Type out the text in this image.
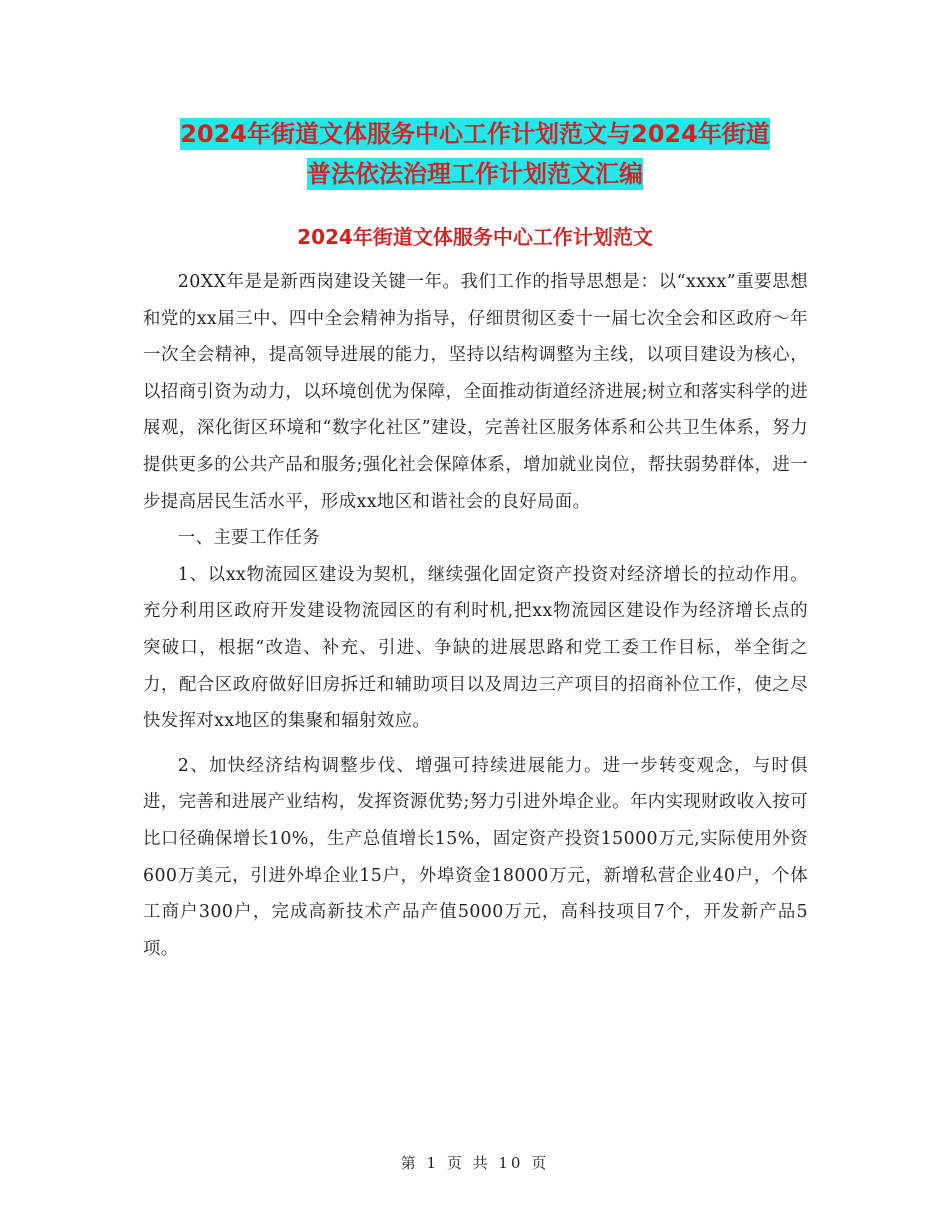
2024年街道文体服务中心工作计划范文与2024年街道
普法依法治理工作计划范文汇编
2024年街道文体服务中心工作计划范文

20XX年是是新西岗建设关键一年。我们工作的指导思想是：以“xxxx”重要思想和党的xx届三中、四中全会精神为指导，仔细贯彻区委十一届七次全会和区政府～年一次全会精神，提高领导进展的能力，坚持以结构调整为主线，以项目建设为核心，以招商引资为动力，以环境创优为保障，全面推动街道经济进展;树立和落实科学的进展观，深化街区环境和“数字化社区”建设，完善社区服务体系和公共卫生体系，努力提供更多的公共产品和服务;强化社会保障体系，增加就业岗位，帮扶弱势群体，进一步提高居民生活水平，形成xx地区和谐社会的良好局面。

一、主要工作任务

1、以xx物流园区建设为契机，继续强化固定资产投资对经济增长的拉动作用。充分利用区政府开发建设物流园区的有利时机,把xx物流园区建设作为经济增长点的突破口，根据“改造、补充、引进、争缺的进展思路和党工委工作目标，举全街之力，配合区政府做好旧房拆迁和辅助项目以及周边三产项目的招商补位工作，使之尽快发挥对xx地区的集聚和辐射效应。

2、加快经济结构调整步伐、增强可持续进展能力。进一步转变观念，与时俱进，完善和进展产业结构，发挥资源优势;努力引进外埠企业。年内实现财政收入按可比口径确保增长10%，生产总值增长15%，固定资产投资15000万元,实际使用外资600万美元，引进外埠企业15户，外埠资金18000万元，新增私营企业40户，个体工商户300户，完成高新技术产品产值5000万元，高科技项目7个，开发新产品5项。

第 1 页 共 10 页
